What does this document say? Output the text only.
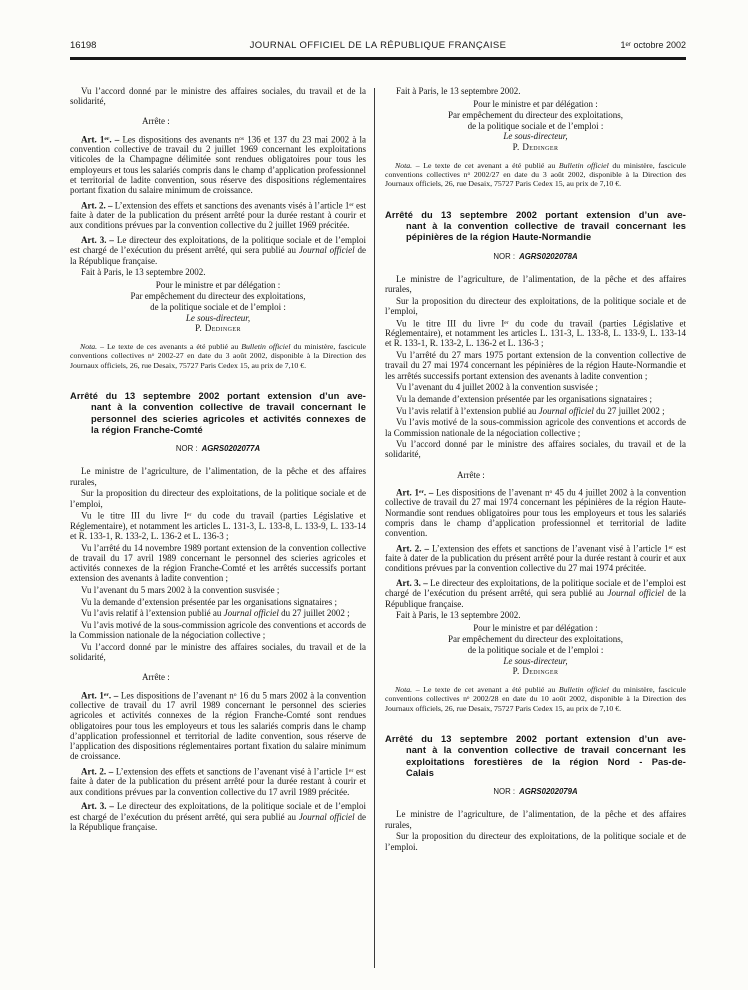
16198	JOURNAL OFFICIEL DE LA RÉPUBLIQUE FRANÇAISE	1ᵉʳ octobre 2002
Vu l’accord donné par le ministre des affaires sociales, du travail et de la solidarité,
Arrête :
Art. 1er. – Les dispositions des avenants $n^{os}$ 136 et 137 du 23 mai 2002 à la convention collective de travail du 2 juillet 1969 concernant les exploitations viticoles de la Champagne délimitée sont rendues obligatoires pour tous les employeurs et tous les salariés compris dans le champ d’application professionnel et territorial de ladite convention, sous réserve des dispositions réglementaires portant fixation du salaire minimum de croissance.
Art. 2. – L’extension des effets et sanctions des avenants visés à l’article 1er est faite à dater de la publication du présent arrêté pour la durée restant à courir et aux conditions prévues par la convention collective du 2 juillet 1969 précitée.
Art. 3. – Le directeur des exploitations, de la politique sociale et de l’emploi est chargé de l’exécution du présent arrêté, qui sera publié au Journal officiel de la République française.
Fait à Paris, le 13 septembre 2002.
Pour le ministre et par délégation :
Par empêchement du directeur des exploitations,
de la politique sociale et de l’emploi :
Le sous-directeur,
P. Dedinger
Nota. – Le texte de ces avenants a été publié au Bulletin officiel du ministère, fascicule conventions collectives $n^o$ 2002-27 en date du 3 août 2002, disponible à la Direction des Journaux officiels, 26, rue Desaix, 75727 Paris Cedex 15, au prix de 7,10 €.
Arrêté du 13 septembre 2002 portant extension d’un ave-
nant à la convention collective de travail concernant le
personnel des scieries agricoles et activités connexes de
la région Franche-Comté
NOR : AGRS0202077A
Le ministre de l’agriculture, de l’alimentation, de la pêche et des affaires rurales,
Sur la proposition du directeur des exploitations, de la politique sociale et de l’emploi,
Vu le titre III du livre Ier du code du travail (parties Législative et Réglementaire), et notamment les articles L. 131-3, L. 133-8, L. 133-9, L. 133-14 et R. 133-1, R. 133-2, L. 136-2 et L. 136-3 ;
Vu l’arrêté du 14 novembre 1989 portant extension de la convention collective de travail du 17 avril 1989 concernant le personnel des scieries agricoles et activités connexes de la région Franche-Comté et les arrêtés successifs portant extension des avenants à ladite convention ;
Vu l’avenant du 5 mars 2002 à la convention susvisée ;
Vu la demande d’extension présentée par les organisations signataires ;
Vu l’avis relatif à l’extension publié au Journal officiel du 27 juillet 2002 ;
Vu l’avis motivé de la sous-commission agricole des conventions et accords de la Commission nationale de la négociation collective ;
Vu l’accord donné par le ministre des affaires sociales, du travail et de la solidarité,
Arrête :
Art. 1er. – Les dispositions de l’avenant $n^o$ 16 du 5 mars 2002 à la convention collective de travail du 17 avril 1989 concernant le personnel des scieries agricoles et activités connexes de la région Franche-Comté sont rendues obligatoires pour tous les employeurs et tous les salariés compris dans le champ d’application professionnel et territorial de ladite convention, sous réserve de l’application des dispositions réglementaires portant fixation du salaire minimum de croissance.
Art. 2. – L’extension des effets et sanctions de l’avenant visé à l’article 1er est faite à dater de la publication du présent arrêté pour la durée restant à courir et aux conditions prévues par la convention collective du 17 avril 1989 précitée.
Art. 3. – Le directeur des exploitations, de la politique sociale et de l’emploi est chargé de l’exécution du présent arrêté, qui sera publié au Journal officiel de la République française.
Fait à Paris, le 13 septembre 2002.
Pour le ministre et par délégation :
Par empêchement du directeur des exploitations,
de la politique sociale et de l’emploi :
Le sous-directeur,
P. Dedinger
Nota. – Le texte de cet avenant a été publié au Bulletin officiel du ministère, fascicule conventions collectives $n^o$ 2002/27 en date du 3 août 2002, disponible à la Direction des Journaux officiels, 26, rue Desaix, 75727 Paris Cedex 15, au prix de 7,10 €.
Arrêté du 13 septembre 2002 portant extension d’un ave-
nant à la convention collective de travail concernant les
pépinières de la région Haute-Normandie
NOR : AGRS0202078A
Le ministre de l’agriculture, de l’alimentation, de la pêche et des affaires rurales,
Sur la proposition du directeur des exploitations, de la politique sociale et de l’emploi,
Vu le titre III du livre Ier du code du travail (parties Législative et Réglementaire), et notamment les articles L. 131-3, L. 133-8, L. 133-9, L. 133-14 et R. 133-1, R. 133-2, L. 136-2 et L. 136-3 ;
Vu l’arrêté du 27 mars 1975 portant extension de la convention collective de travail du 27 mai 1974 concernant les pépinières de la région Haute-Normandie et les arrêtés successifs portant extension des avenants à ladite convention ;
Vu l’avenant du 4 juillet 2002 à la convention susvisée ;
Vu la demande d’extension présentée par les organisations signataires ;
Vu l’avis relatif à l’extension publié au Journal officiel du 27 juillet 2002 ;
Vu l’avis motivé de la sous-commission agricole des conventions et accords de la Commission nationale de la négociation collective ;
Vu l’accord donné par le ministre des affaires sociales, du travail et de la solidarité,
Arrête :
Art. 1er. – Les dispositions de l’avenant $n^o$ 45 du 4 juillet 2002 à la convention collective de travail du 27 mai 1974 concernant les pépinières de la région Haute-Normandie sont rendues obligatoires pour tous les employeurs et tous les salariés compris dans le champ d’application professionnel et territorial de ladite convention.
Art. 2. – L’extension des effets et sanctions de l’avenant visé à l’article 1er est faite à dater de la publication du présent arrêté pour la durée restant à courir et aux conditions prévues par la convention collective du 27 mai 1974 précitée.
Art. 3. – Le directeur des exploitations, de la politique sociale et de l’emploi est chargé de l’exécution du présent arrêté, qui sera publié au Journal officiel de la République française.
Fait à Paris, le 13 septembre 2002.
Pour le ministre et par délégation :
Par empêchement du directeur des exploitations,
de la politique sociale et de l’emploi :
Le sous-directeur,
P. Dedinger
Nota. – Le texte de cet avenant a été publié au Bulletin officiel du ministère, fascicule conventions collectives $n^o$ 2002/28 en date du 10 août 2002, disponible à la Direction des Journaux officiels, 26, rue Desaix, 75727 Paris Cedex 15, au prix de 7,10 €.
Arrêté du 13 septembre 2002 portant extension d’un ave-
nant à la convention collective de travail concernant les
exploitations forestières de la région Nord - Pas-de-
Calais
NOR : AGRS0202079A
Le ministre de l’agriculture, de l’alimentation, de la pêche et des affaires rurales,
Sur la proposition du directeur des exploitations, de la politique sociale et de l’emploi.
